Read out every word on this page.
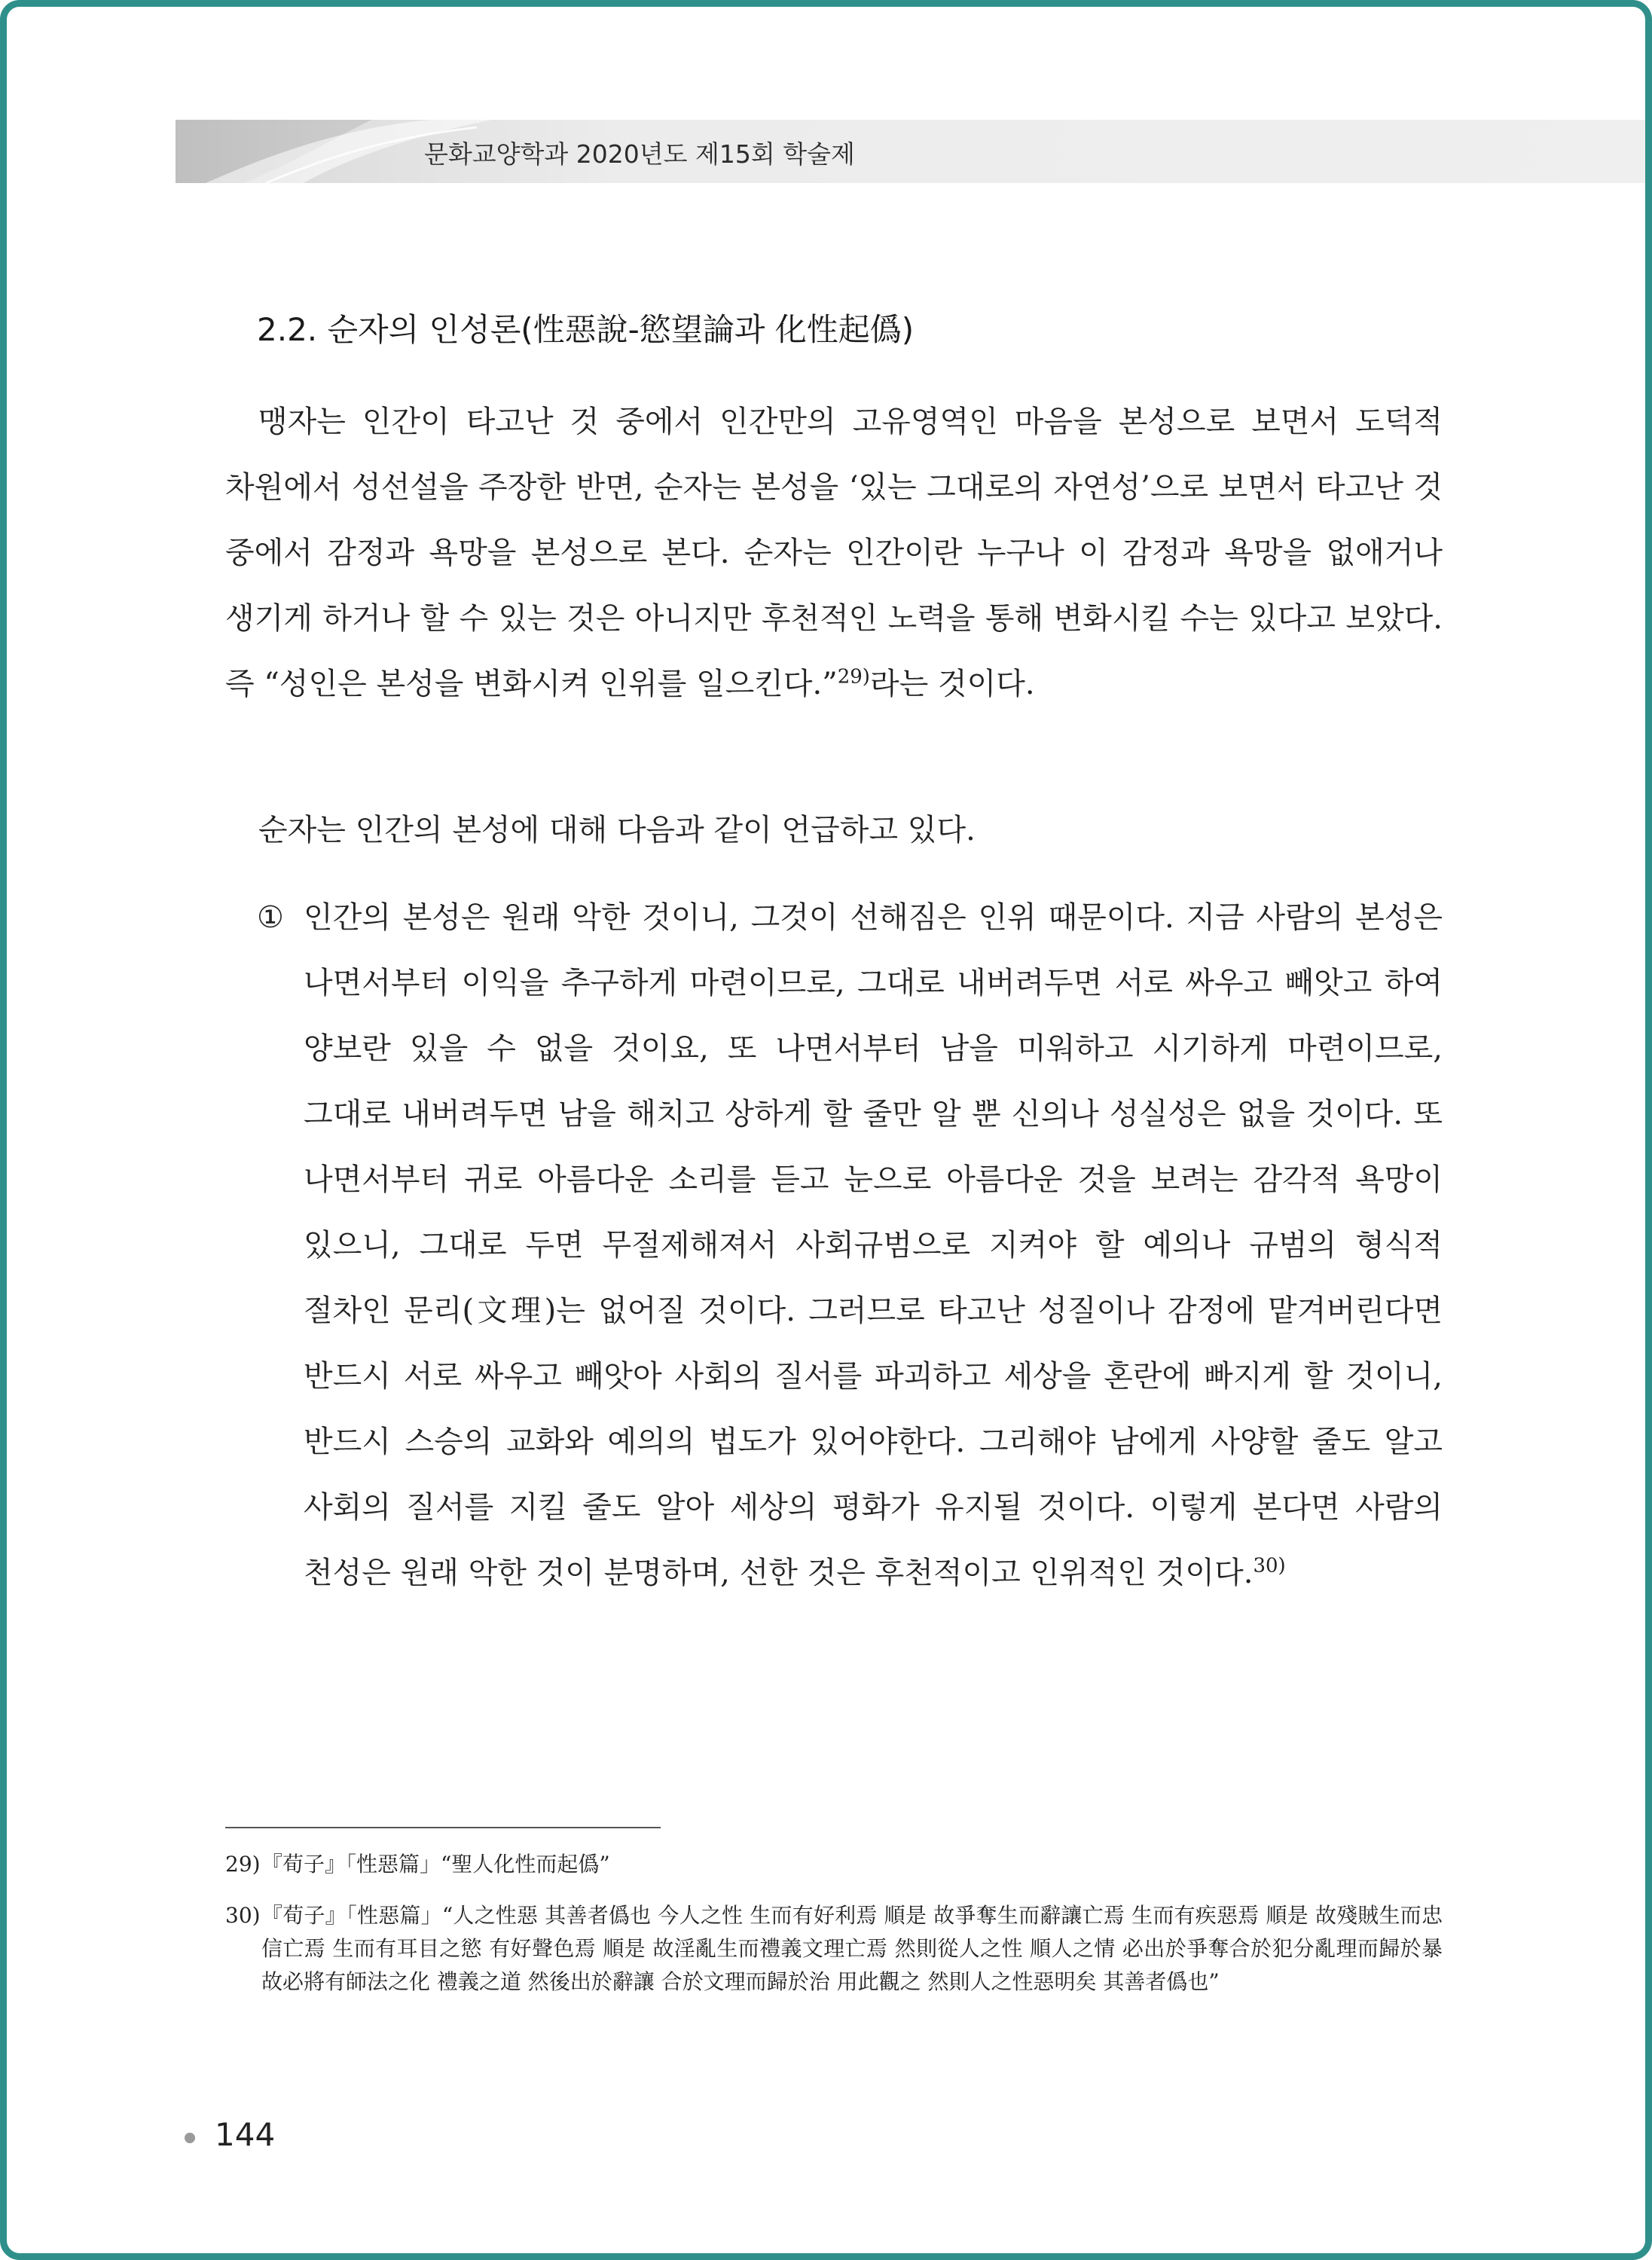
문화교양학과 2020년도 제15회 학술제
2.2. 순자의 인성론(性惡說-慾望論과 化性起僞)

맹자는 인간이 타고난 것 중에서 인간만의 고유영역인 마음을 본성으로 보면서 도덕적 차원에서 성선설을 주장한 반면, 순자는 본성을 ‘있는 그대로의 자연성’으로 보면서 타고난 것 중에서 감정과 욕망을 본성으로 본다. 순자는 인간이란 누구나 이 감정과 욕망을 없애거나 생기게 하거나 할 수 있는 것은 아니지만 후천적인 노력을 통해 변화시킬 수는 있다고 보았다. 즉 “성인은 본성을 변화시켜 인위를 일으킨다.”$^{29)}$라는 것이다.

순자는 인간의 본성에 대해 다음과 같이 언급하고 있다.

① 인간의 본성은 원래 악한 것이니, 그것이 선해짐은 인위 때문이다. 지금 사람의 본성은 나면서부터 이익을 추구하게 마련이므로, 그대로 내버려두면 서로 싸우고 빼앗고 하여 양보란 있을 수 없을 것이요, 또 나면서부터 남을 미워하고 시기하게 마련이므로, 그대로 내버려두면 남을 해치고 상하게 할 줄만 알 뿐 신의나 성실성은 없을 것이다. 또 나면서부터 귀로 아름다운 소리를 듣고 눈으로 아름다운 것을 보려는 감각적 욕망이 있으니, 그대로 두면 무절제해져서 사회규범으로 지켜야 할 예의나 규범의 형식적 절차인 문리(文理)는 없어질 것이다. 그러므로 타고난 성질이나 감정에 맡겨버린다면 반드시 서로 싸우고 빼앗아 사회의 질서를 파괴하고 세상을 혼란에 빠지게 할 것이니, 반드시 스승의 교화와 예의의 법도가 있어야한다. 그리해야 남에게 사양할 줄도 알고 사회의 질서를 지킬 줄도 알아 세상의 평화가 유지될 것이다. 이렇게 본다면 사람의 천성은 원래 악한 것이 분명하며, 선한 것은 후천적이고 인위적인 것이다.$^{30)}$

29) 『荀子』「性惡篇」“聖人化性而起僞”

30) 『荀子』「性惡篇」“人之性惡 其善者僞也 今人之性 生而有好利焉 順是 故爭奪生而辭讓亡焉 生而有疾惡焉 順是 故殘賊生而忠信亡焉 生而有耳目之慾 有好聲色焉 順是 故淫亂生而禮義文理亡焉 然則從人之性 順人之情 必出於爭奪合於犯分亂理而歸於暴 故必將有師法之化 禮義之道 然後出於辭讓 合於文理而歸於治 用此觀之 然則人之性惡明矣 其善者僞也”

144
